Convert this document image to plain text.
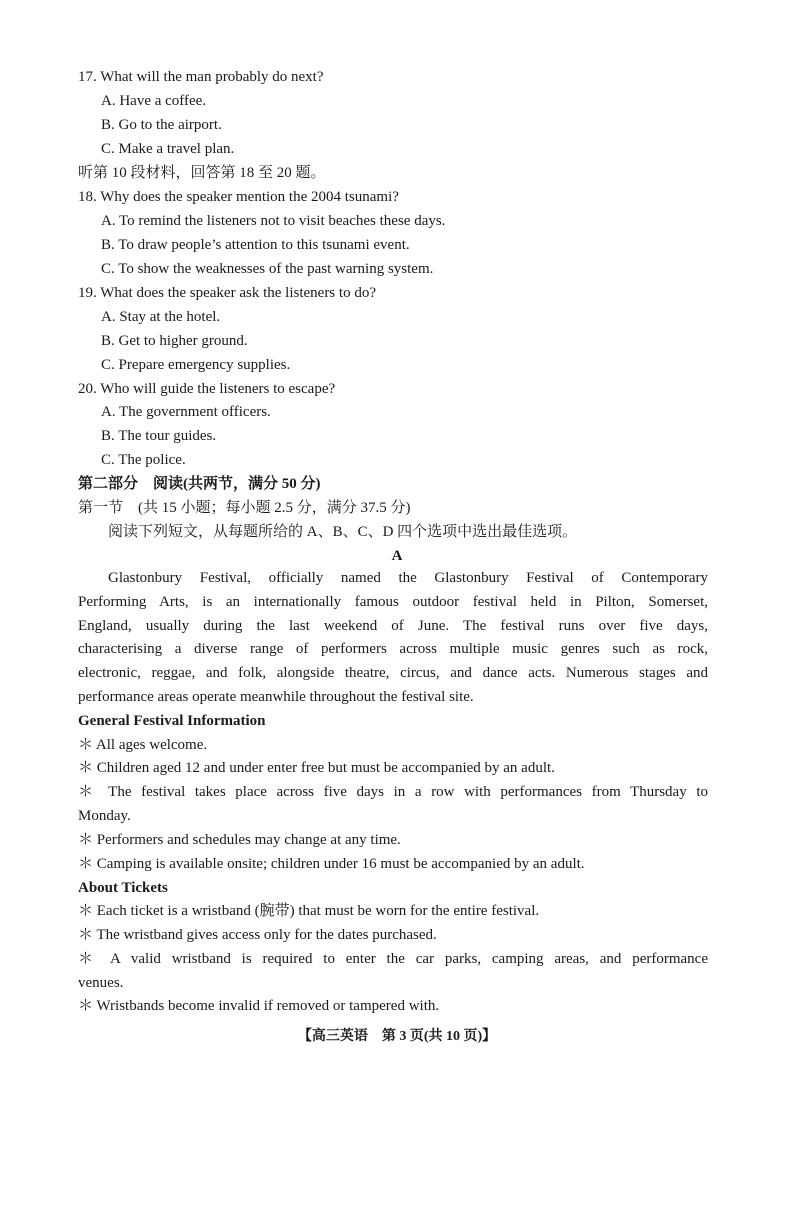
17. What will the man probably do next?
A. Have a coffee.
B. Go to the airport.
C. Make a travel plan.
听第 10 段材料，回答第 18 至 20 题。
18. Why does the speaker mention the 2004 tsunami?
A. To remind the listeners not to visit beaches these days.
B. To draw people’s attention to this tsunami event.
C. To show the weaknesses of the past warning system.
19. What does the speaker ask the listeners to do?
A. Stay at the hotel.
B. Get to higher ground.
C. Prepare emergency supplies.
20. Who will guide the listeners to escape?
A. The government officers.
B. The tour guides.
C. The police.
第二部分　阅读(共两节，满分 50 分)
第一节　(共 15 小题；每小题 2.5 分，满分 37.5 分)
阅读下列短文，从每题所给的 A、B、C、D 四个选项中选出最佳选项。
A
Glastonbury Festival, officially named the Glastonbury Festival of Contemporary
Performing Arts, is an internationally famous outdoor festival held in Pilton, Somerset,
England, usually during the last weekend of June. The festival runs over five days,
characterising a diverse range of performers across multiple music genres such as rock,
electronic, reggae, and folk, alongside theatre, circus, and dance acts. Numerous stages and
performance areas operate meanwhile throughout the festival site.
General Festival Information
＊ All ages welcome.
＊ Children aged 12 and under enter free but must be accompanied by an adult.
＊ The festival takes place across five days in a row with performances from Thursday to
Monday.
＊ Performers and schedules may change at any time.
＊ Camping is available onsite; children under 16 must be accompanied by an adult.
About Tickets
＊ Each ticket is a wristband (腕带) that must be worn for the entire festival.
＊ The wristband gives access only for the dates purchased.
＊ A valid wristband is required to enter the car parks, camping areas, and performance
venues.
＊ Wristbands become invalid if removed or tampered with.
【高三英语　第 3 页(共 10 页)】
